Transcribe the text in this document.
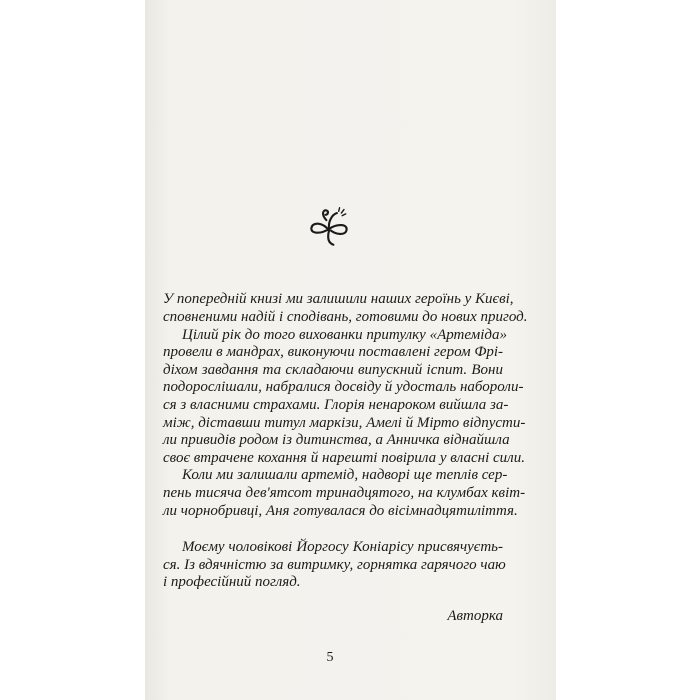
У попередній книзі ми залишили наших героїнь у Києві,
сповненими надій і сподівань, готовими до нових пригод.
Цілий рік до того вихованки притулку «Артеміда»
провели в мандрах, виконуючи поставлені гером Фрі-
діхом завдання та складаючи випускний іспит. Вони
подорослішали, набралися досвіду й удосталь набороли-
ся з власними страхами. Глорія ненароком вийшла за-
між, діставши титул маркізи, Амелі й Мірто відпусти-
ли привидів родом із дитинства, а Анничка віднайшла
своє втрачене кохання й нарешті повірила у власні сили.
Коли ми залишали артемід, надворі ще теплів сер-
пень тисяча дев'ятсот тринадцятого, на клумбах квіт-
ли чорнобривці, Аня готувалася до вісімнадцятиліття.
Моєму чоловікові Йоргосу Коніарісу присвячуєть-
ся. Із вдячністю за витримку, горнятка гарячого чаю
і професійний погляд.
Авторка
5
